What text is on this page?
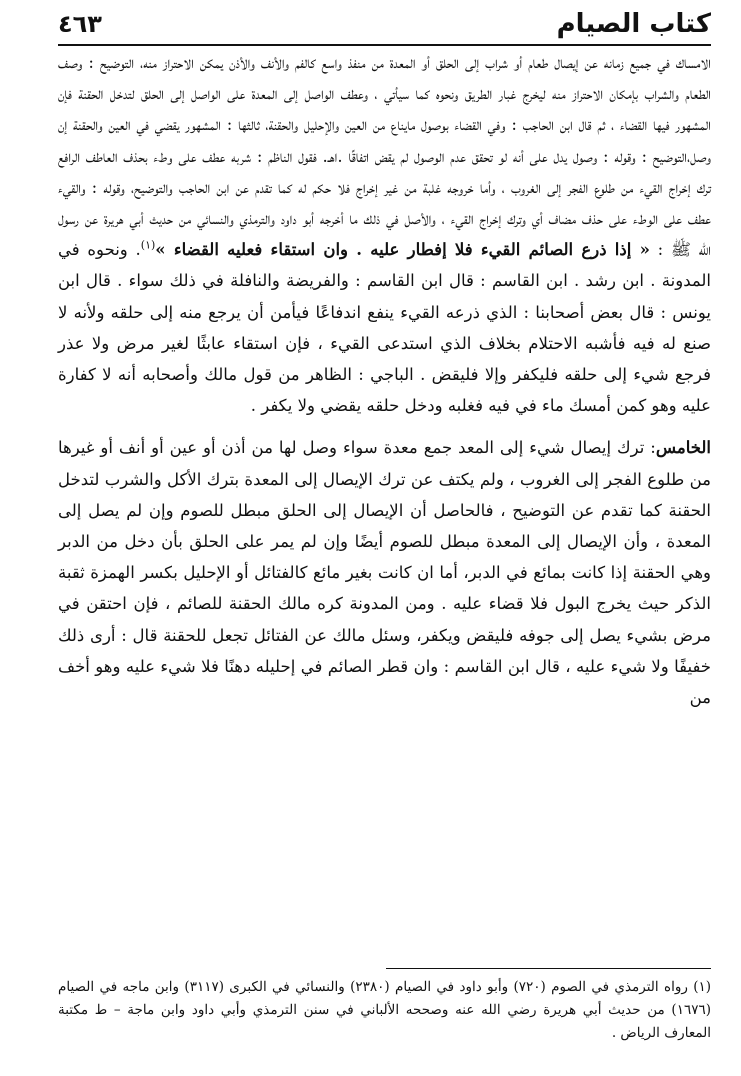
كتاب الصيام
٤٦٣

الامساك في جميع زمانه عن إيصال طعام أو شراب إلى الحلق أو المعدة من منفذ واسع كالفم والأنف والأذن يمكن الاحتراز منه، التوضيح : وصف الطعام والشراب بإمكان الاحتراز منه ليخرج غبار الطريق ونحوه كما سيأتي ، وعطف الواصل إلى المعدة على الواصل إلى الحلق لتدخل الحقنة فإن المشهور فيها القضاء ، ثم قال ابن الحاجب : وفي القضاء بوصول مايناع من العين والإحليل والحقنة، ثالثها : المشهور يقضي في العين والحقنة إن وصل،التوضيح : وقوله : وصول يدل على أنه لو تحقق عدم الوصول لم يقض اتفاقًا .اهـ. فقول الناظم : شربه عطف على وطء بحذف العاطف الرافع ترك إخراج القيء من طلوع الفجر إلى الغروب ، وأما خروجه غلبة من غير إخراج فلا حكم له كما تقدم عن ابن الحاجب والتوضيح، وقوله : والقيء عطف على الوطء على حذف مضاف أي وترك إخراج القيء ، والأصل في ذلك ما أخرجه أبو داود والترمذي والنسائي من حديث أبي هريرة عن رسول الله ﷺ : « إذا ذرع الصائم القيء فلا إفطار عليه . وان استقاء فعليه القضاء »$^{(١)}$. ونحوه في المدونة . ابن رشد . ابن القاسم : قال ابن القاسم : والفريضة والنافلة في ذلك سواء . قال ابن يونس : قال بعض أصحابنا : الذي ذرعه القيء ينفع اندفاعًا فيأمن أن يرجع منه إلى حلقه ولأنه لا صنع له فيه فأشبه الاحتلام بخلاف الذي استدعى القيء ، فإن استقاء عابثًا لغير مرض ولا عذر فرجع شيء إلى حلقه فليكفر وإلا فليقض . الباجي : الظاهر من قول مالك وأصحابه أنه لا كفارة عليه وهو كمن أمسك ماء في فيه فغلبه ودخل حلقه يقضي ولا يكفر .

الخامس: ترك إيصال شيء إلى المعد جمع معدة سواء وصل لها من أذن أو عين أو أنف أو غيرها من طلوع الفجر إلى الغروب ، ولم يكتف عن ترك الإيصال إلى المعدة بترك الأكل والشرب لتدخل الحقنة كما تقدم عن التوضيح ، فالحاصل أن الإيصال إلى الحلق مبطل للصوم وإن لم يصل إلى المعدة ، وأن الإيصال إلى المعدة مبطل للصوم أيضًا وإن لم يمر على الحلق بأن دخل من الدبر وهي الحقنة إذا كانت بمائع في الدبر، أما ان كانت بغير مائع كالفتائل أو الإحليل بكسر الهمزة ثقبة الذكر حيث يخرج البول فلا قضاء عليه . ومن المدونة كره مالك الحقنة للصائم ، فإن احتقن في مرض بشيء يصل إلى جوفه فليقض ويكفر، وسئل مالك عن الفتائل تجعل للحقنة قال : أرى ذلك خفيفًا ولا شيء عليه ، قال ابن القاسم : وان قطر الصائم في إحليله دهنًا فلا شيء عليه وهو أخف من

(١) رواه الترمذي في الصوم (٧٢٠) وأبو داود في الصيام (٢٣٨٠) والنسائي في الكبرى (٣١١٧) وابن ماجه في الصيام (١٦٧٦) من حديث أبي هريرة رضي الله عنه وصححه الألباني في سنن الترمذي وأبي داود وابن ماجة – ط مكتبة المعارف الرياض .
